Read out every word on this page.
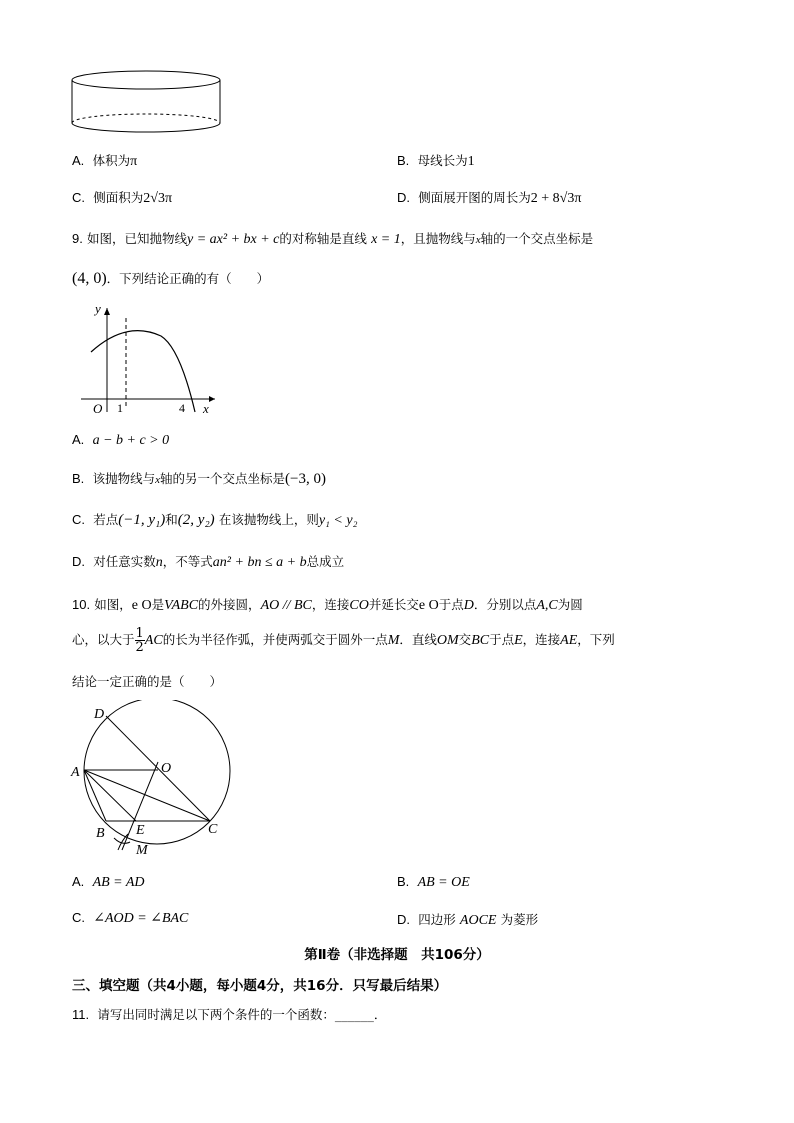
A. 体积为π	B. 母线长为1
C. 侧面积为2√3π	D. 侧面展开图的周长为2 + 8√3π
9. 如图，已知抛物线y = ax² + bx + c的对称轴是直线 x = 1，且抛物线与x轴的一个交点坐标是
(4, 0)．下列结论正确的有（　　）
y
x
O 1	4
A. a − b + c > 0
B. 该抛物线与x轴的另一个交点坐标是(−3, 0)
C. 若点(−1, y₁)和(2, y₂) 在该抛物线上，则y₁ < y₂
D. 对任意实数n，不等式an² + bn ≤ a + b总成立
10. 如图，e O是VABC的外接圆，AO // BC，连接CO并延长交e O于点D．分别以点A,C为圆
心，以大于 $\frac{1}{2}$ AC的长为半径作弧，并使两弧交于圆外一点M．直线OM交BC于点E，连接AE，下列
结论一定正确的是（　　）
D
O
A
B E	C
M
A. AB = AD	B. AB = OE
C. ∠AOD = ∠BAC	D. 四边形 AOCE 为菱形
第Ⅱ卷（非选择题　共106分）
三、填空题（共4小题，每小题4分，共16分．只写最后结果）
11. 请写出同时满足以下两个条件的一个函数：______．
